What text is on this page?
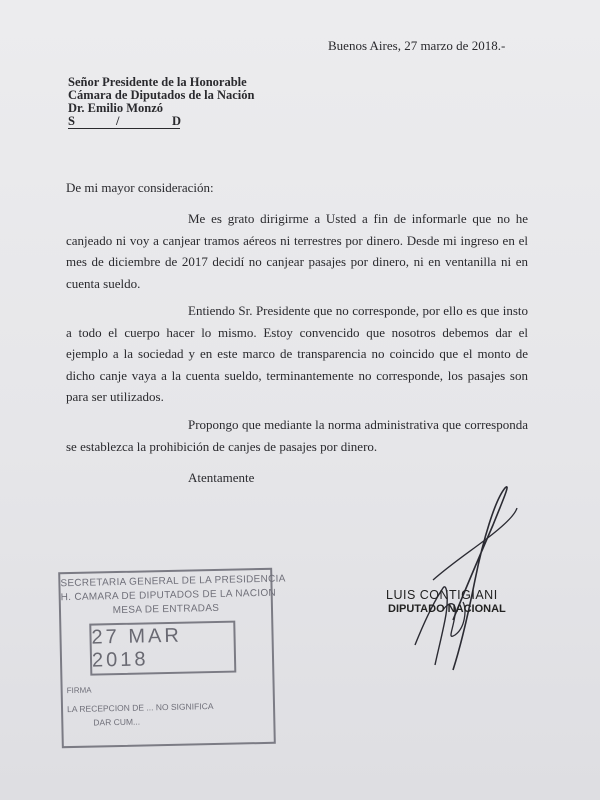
Buenos Aires, 27 marzo de 2018.-
Señor Presidente de la Honorable
Cámara de Diputados de la Nación
Dr. Emilio Monzó
S	/	D
De mi mayor consideración:

Me es grato dirigirme a Usted a fin de informarle que no he canjeado ni voy a canjear tramos aéreos ni terrestres por dinero. Desde mi ingreso en el mes de diciembre de 2017 decidí no canjear pasajes por dinero, ni en ventanilla ni en cuenta sueldo.

Entiendo Sr. Presidente que no corresponde, por ello es que insto a todo el cuerpo hacer lo mismo. Estoy convencido que nosotros debemos dar el ejemplo a la sociedad y en este marco de transparencia no coincido que el monto de dicho canje vaya a la cuenta sueldo, terminantemente no corresponde, los pasajes son para ser utilizados.

Propongo que mediante la norma administrativa que corresponda se establezca la prohibición de canjes de pasajes por dinero.

Atentamente
LUIS CONTIGIANI
DIPUTADO NACIONAL
SECRETARIA GENERAL DE LA PRESIDENCIA
H. CAMARA DE DIPUTADOS DE LA NACION
MESA DE ENTRADAS
27 MAR 2018
FIRMA
LA RECEPCION DE ... NO SIGNIFICA
DAR CUM...
